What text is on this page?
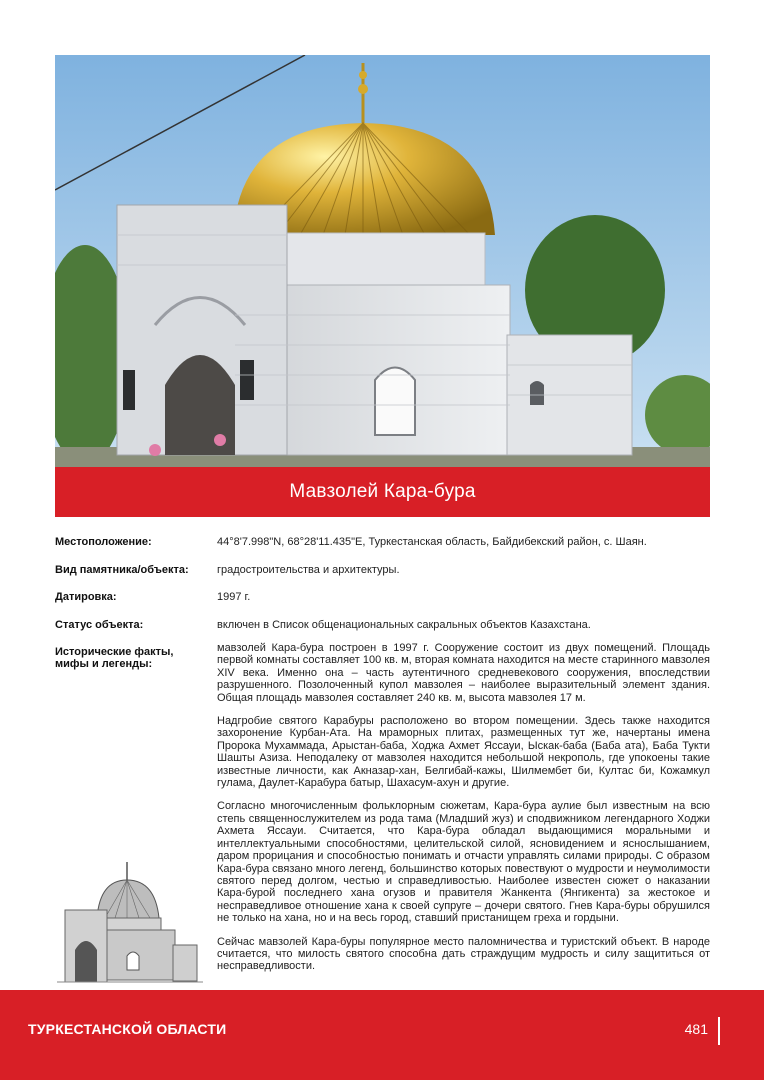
Мавзолей Кара-бура
Местоположение:	44°8'7.998"N, 68°28'11.435"E, Туркестанская область, Байдибекский район, с. Шаян.
Вид памятника/объекта:	градостроительства и архитектуры.
Датировка:	1997 г.
Статус объекта:	включен в Список общенациональных сакральных объектов Казахстана.
Исторические факты, мифы и легенды:

мавзолей Кара-бура построен в 1997 г. Сооружение состоит из двух помещений. Площадь первой комнаты составляет 100 кв. м, вторая комната находится на месте старинного мавзолея XIV века. Именно она – часть аутентичного средневекового сооружения, впоследствии разрушенного. Позолоченный купол мавзолея – наиболее выразительный элемент здания. Общая площадь мавзолея составляет 240 кв. м, высота мавзолея 17 м.

Надгробие святого Карабуры расположено во втором помещении. Здесь также находится захоронение Курбан-Ата. На мраморных плитах, размещенных тут же, начертаны имена Пророка Мухаммада, Арыстан-баба, Ходжа Ахмет Яссауи, Ыскак-баба (Баба ата), Баба Тукти Шашты Азиза. Неподалеку от мавзолея находится небольшой некрополь, где упокоены такие известные личности, как Акназар-хан, Белгибай-кажы, Шилмембет би, Култас би, Кожамкул гулама, Даулет-Карабура батыр, Шахасум-ахун и другие.

Согласно многочисленным фольклорным сюжетам, Кара-бура аулие был известным на всю степь священнослужителем из рода тама (Младший жуз) и сподвижником легендарного Ходжи Ахмета Яссауи. Считается, что Кара-бура обладал выдающимися моральными и интеллектуальными способностями, целительской силой, ясновидением и яснослышанием, даром прорицания и способностью понимать и отчасти управлять силами природы. С образом Кара-бура связано много легенд, большинство которых повествуют о мудрости и неумолимости святого перед долгом, честью и справедливостью. Наиболее известен сюжет о наказании Кара-бурой последнего хана огузов и правителя Жанкента (Янгикента) за жестокое и несправедливое отношение хана к своей супруге – дочери святого. Гнев Кара-буры обрушился не только на хана, но и на весь город, ставший пристанищем греха и гордыни.

Сейчас мавзолей Кара-буры популярное место паломничества и туристский объект. В народе считается, что милость святого способна дать страждущим мудрость и силу защититься от несправедливости.

ТУРКЕСТАНСКОЙ ОБЛАСТИ	481
